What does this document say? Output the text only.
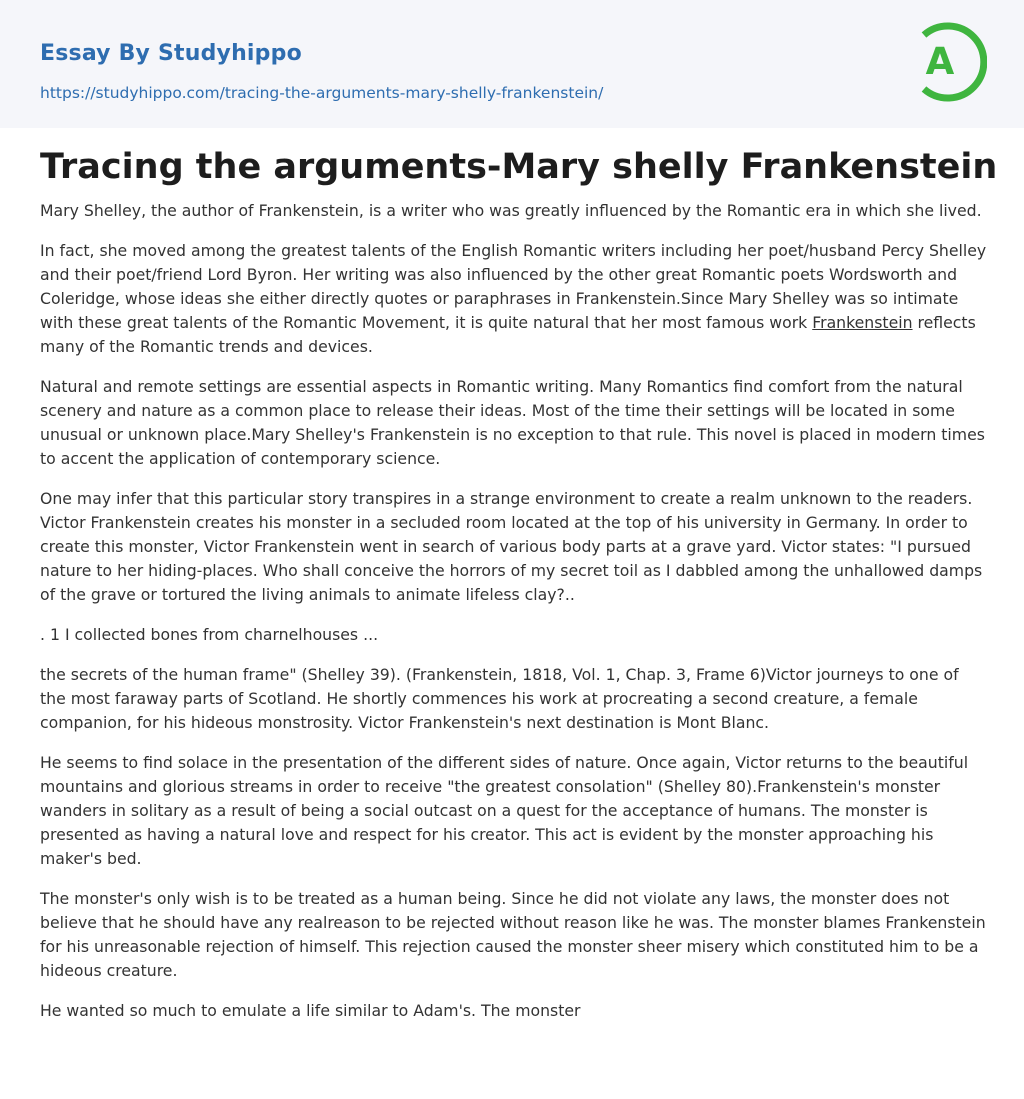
Essay By Studyhippo
https://studyhippo.com/tracing-the-arguments-mary-shelly-frankenstein/
A
Tracing the arguments-Mary shelly Frankenstein

Mary Shelley, the author of Frankenstein, is a writer who was greatly influenced by the Romantic era in which she lived.

In fact, she moved among the greatest talents of the English Romantic writers including her poet/husband Percy Shelley and their poet/friend Lord Byron. Her writing was also influenced by the other great Romantic poets Wordsworth and Coleridge, whose ideas she either directly quotes or paraphrases in Frankenstein.Since Mary Shelley was so intimate with these great talents of the Romantic Movement, it is quite natural that her most famous work Frankenstein reflects many of the Romantic trends and devices.

Natural and remote settings are essential aspects in Romantic writing. Many Romantics find comfort from the natural scenery and nature as a common place to release their ideas. Most of the time their settings will be located in some unusual or unknown place.Mary Shelley's Frankenstein is no exception to that rule. This novel is placed in modern times to accent the application of contemporary science.

One may infer that this particular story transpires in a strange environment to create a realm unknown to the readers. Victor Frankenstein creates his monster in a secluded room located at the top of his university in Germany. In order to create this monster, Victor Frankenstein went in search of various body parts at a grave yard. Victor states: "I pursued nature to her hiding-places. Who shall conceive the horrors of my secret toil as I dabbled among the unhallowed damps of the grave or tortured the living animals to animate lifeless clay?..

. 1 I collected bones from charnelhouses ...

the secrets of the human frame" (Shelley 39). (Frankenstein, 1818, Vol. 1, Chap. 3, Frame 6)Victor journeys to one of the most faraway parts of Scotland. He shortly commences his work at procreating a second creature, a female companion, for his hideous monstrosity. Victor Frankenstein's next destination is Mont Blanc.

He seems to find solace in the presentation of the different sides of nature. Once again, Victor returns to the beautiful mountains and glorious streams in order to receive "the greatest consolation" (Shelley 80).Frankenstein's monster wanders in solitary as a result of being a social outcast on a quest for the acceptance of humans. The monster is presented as having a natural love and respect for his creator. This act is evident by the monster approaching his maker's bed.

The monster's only wish is to be treated as a human being. Since he did not violate any laws, the monster does not believe that he should have any realreason to be rejected without reason like he was. The monster blames Frankenstein for his unreasonable rejection of himself. This rejection caused the monster sheer misery which constituted him to be a hideous creature.

He wanted so much to emulate a life similar to Adam's. The monster
